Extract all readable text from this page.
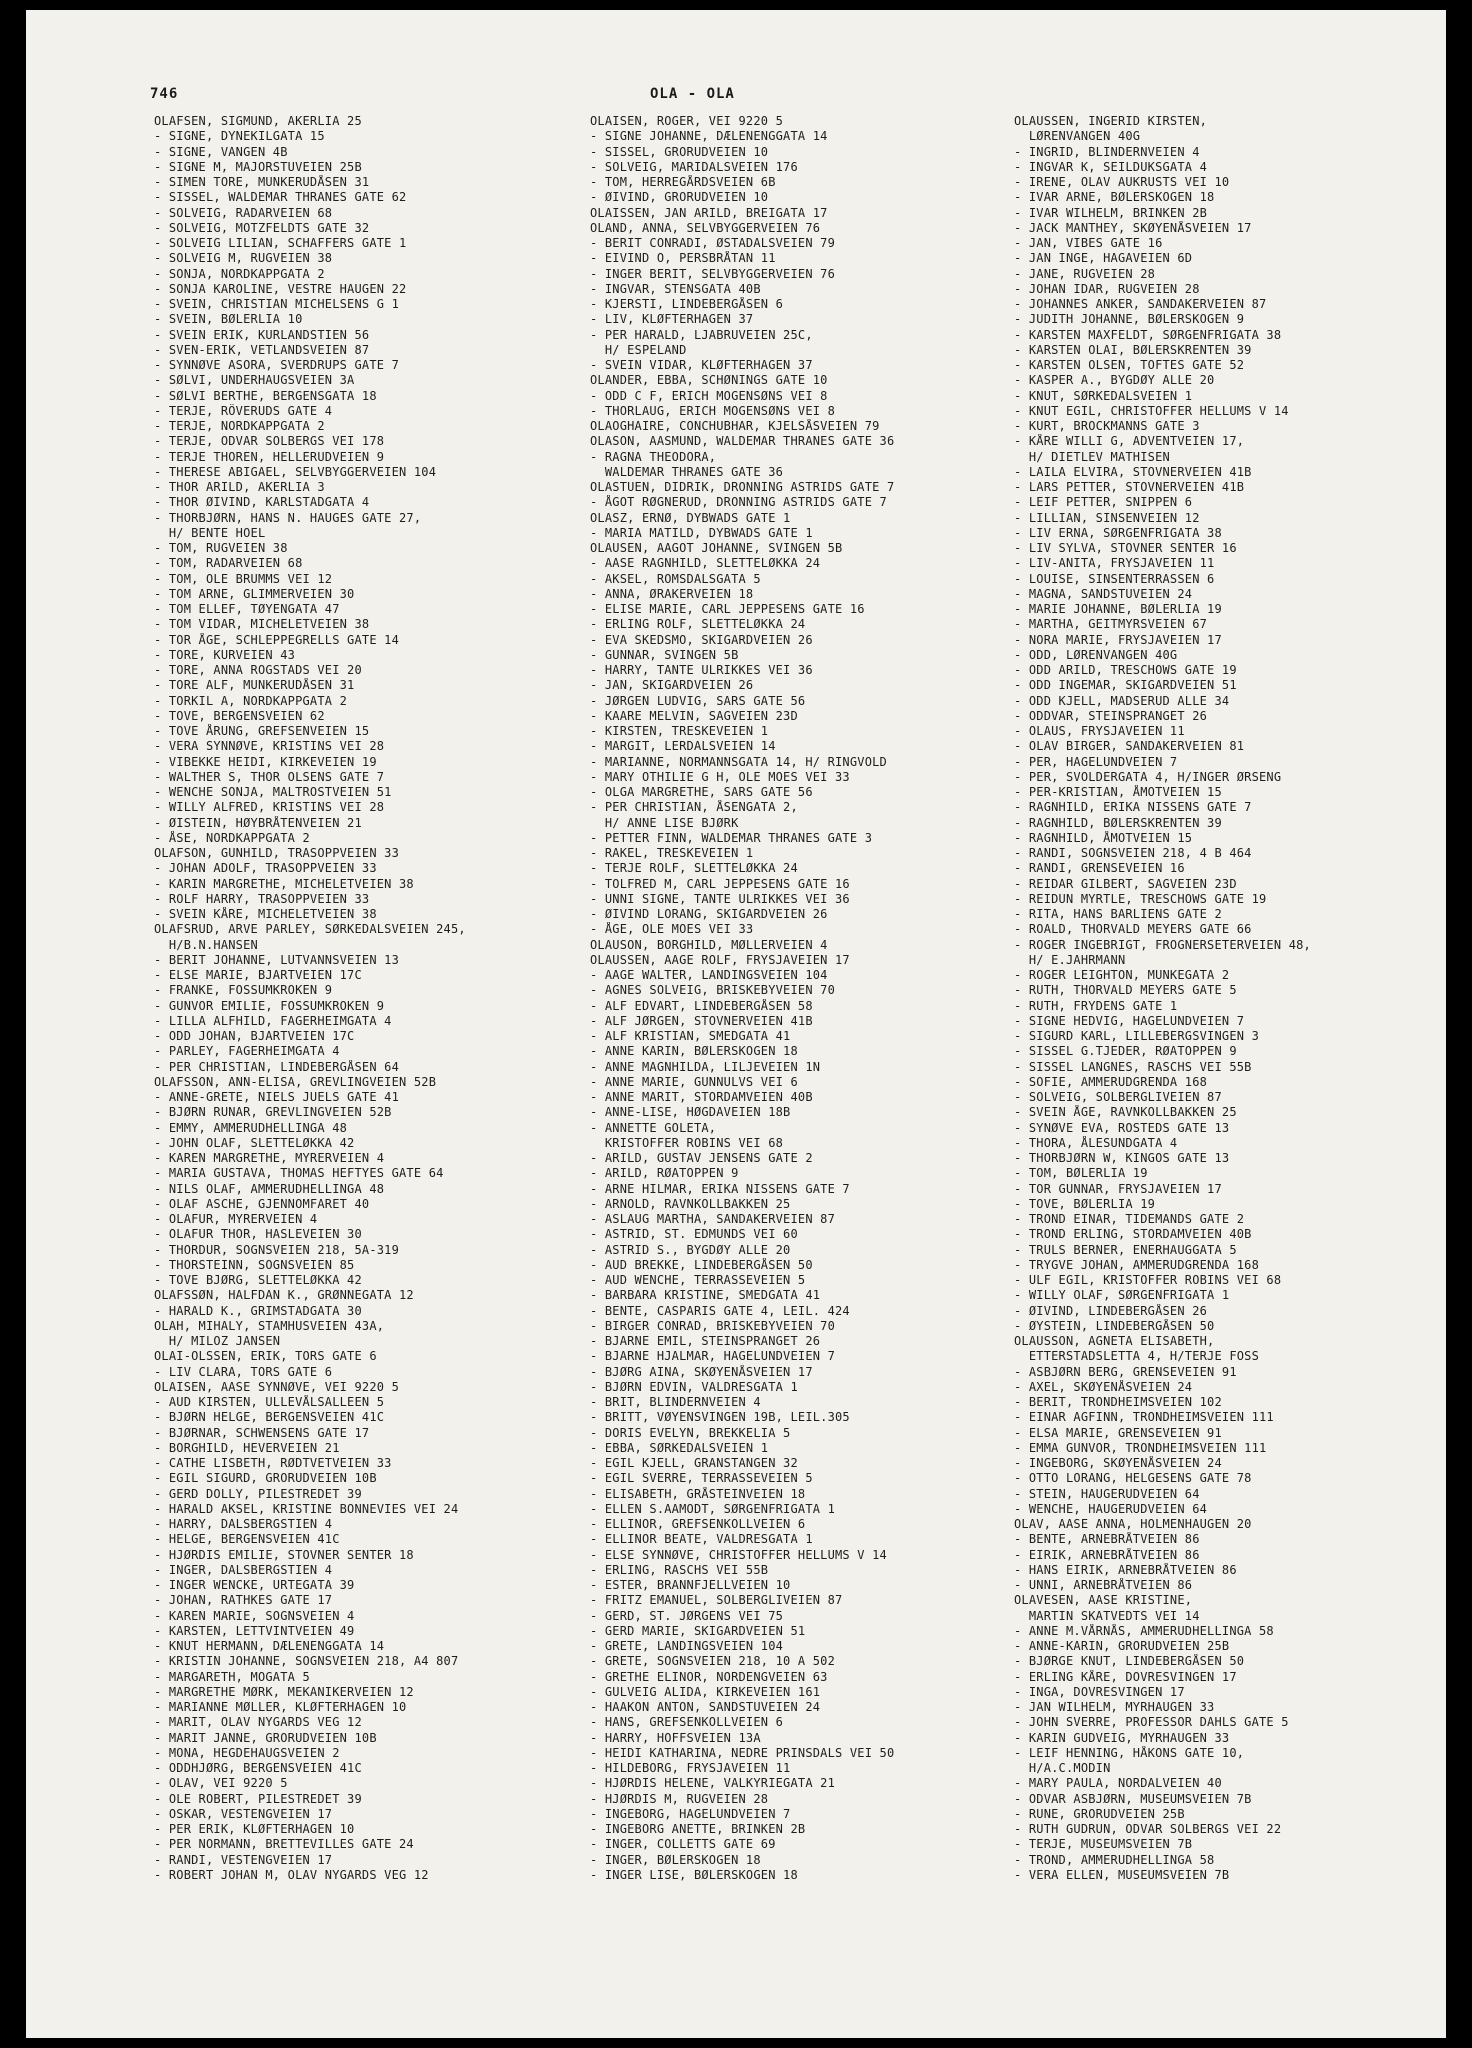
746	OLA - OLA
OLAFSEN, SIGMUND, AKERLIA 25
- SIGNE, DYNEKILGATA 15
- SIGNE, VANGEN 4B
- SIGNE M, MAJORSTUVEIEN 25B
- SIMEN TORE, MUNKERUDÅSEN 31
- SISSEL, WALDEMAR THRANES GATE 62
- SOLVEIG, RADARVEIEN 68
- SOLVEIG, MOTZFELDTS GATE 32
- SOLVEIG LILIAN, SCHAFFERS GATE 1
- SOLVEIG M, RUGVEIEN 38
- SONJA, NORDKAPPGATA 2
- SONJA KAROLINE, VESTRE HAUGEN 22
- SVEIN, CHRISTIAN MICHELSENS G 1
- SVEIN, BØLERLIA 10
- SVEIN ERIK, KURLANDSTIEN 56
- SVEN-ERIK, VETLANDSVEIEN 87
- SYNNØVE ASORA, SVERDRUPS GATE 7
- SØLVI, UNDERHAUGSVEIEN 3A
- SØLVI BERTHE, BERGENSGATA 18
- TERJE, RÖVERUDS GATE 4
- TERJE, NORDKAPPGATA 2
- TERJE, ODVAR SOLBERGS VEI 178
- TERJE THOREN, HELLERUDVEIEN 9
- THERESE ABIGAEL, SELVBYGGERVEIEN 104
- THOR ARILD, AKERLIA 3
- THOR ØIVIND, KARLSTADGATA 4
- THORBJØRN, HANS N. HAUGES GATE 27,
H/ BENTE HOEL
- TOM, RUGVEIEN 38
- TOM, RADARVEIEN 68
- TOM, OLE BRUMMS VEI 12
- TOM ARNE, GLIMMERVEIEN 30
- TOM ELLEF, TØYENGATA 47
- TOM VIDAR, MICHELETVEIEN 38
- TOR ÅGE, SCHLEPPEGRELLS GATE 14
- TORE, KURVEIEN 43
- TORE, ANNA ROGSTADS VEI 20
- TORE ALF, MUNKERUDÅSEN 31
- TORKIL A, NORDKAPPGATA 2
- TOVE, BERGENSVEIEN 62
- TOVE ÅRUNG, GREFSENVEIEN 15
- VERA SYNNØVE, KRISTINS VEI 28
- VIBEKKE HEIDI, KIRKEVEIEN 19
- WALTHER S, THOR OLSENS GATE 7
- WENCHE SONJA, MALTROSTVEIEN 51
- WILLY ALFRED, KRISTINS VEI 28
- ØISTEIN, HØYBRÅTENVEIEN 21
- ÅSE, NORDKAPPGATA 2
OLAFSON, GUNHILD, TRASOPPVEIEN 33
- JOHAN ADOLF, TRASOPPVEIEN 33
- KARIN MARGRETHE, MICHELETVEIEN 38
- ROLF HARRY, TRASOPPVEIEN 33
- SVEIN KÅRE, MICHELETVEIEN 38
OLAFSRUD, ARVE PARLEY, SØRKEDALSVEIEN 245,
H/B.N.HANSEN
- BERIT JOHANNE, LUTVANNSVEIEN 13
- ELSE MARIE, BJARTVEIEN 17C
- FRANKE, FOSSUMKROKEN 9
- GUNVOR EMILIE, FOSSUMKROKEN 9
- LILLA ALFHILD, FAGERHEIMGATA 4
- ODD JOHAN, BJARTVEIEN 17C
- PARLEY, FAGERHEIMGATA 4
- PER CHRISTIAN, LINDEBERGÅSEN 64
OLAFSSON, ANN-ELISA, GREVLINGVEIEN 52B
- ANNE-GRETE, NIELS JUELS GATE 41
- BJØRN RUNAR, GREVLINGVEIEN 52B
- EMMY, AMMERUDHELLINGA 48
- JOHN OLAF, SLETTELØKKA 42
- KAREN MARGRETHE, MYRERVEIEN 4
- MARIA GUSTAVA, THOMAS HEFTYES GATE 64
- NILS OLAF, AMMERUDHELLINGA 48
- OLAF ASCHE, GJENNOMFARET 40
- OLAFUR, MYRERVEIEN 4
- OLAFUR THOR, HASLEVEIEN 30
- THORDUR, SOGNSVEIEN 218, 5A-319
- THORSTEINN, SOGNSVEIEN 85
- TOVE BJØRG, SLETTELØKKA 42
OLAFSSØN, HALFDAN K., GRØNNEGATA 12
- HARALD K., GRIMSTADGATA 30
OLAH, MIHALY, STAMHUSVEIEN 43A,
H/ MILOZ JANSEN
OLAI-OLSSEN, ERIK, TORS GATE 6
- LIV CLARA, TORS GATE 6
OLAISEN, AASE SYNNØVE, VEI 9220 5
- AUD KIRSTEN, ULLEVÅLSALLEEN 5
- BJØRN HELGE, BERGENSVEIEN 41C
- BJØRNAR, SCHWENSENS GATE 17
- BORGHILD, HEVERVEIEN 21
- CATHE LISBETH, RØDTVETVEIEN 33
- EGIL SIGURD, GRORUDVEIEN 10B
- GERD DOLLY, PILESTREDET 39
- HARALD AKSEL, KRISTINE BONNEVIES VEI 24
- HARRY, DALSBERGSTIEN 4
- HELGE, BERGENSVEIEN 41C
- HJØRDIS EMILIE, STOVNER SENTER 18
- INGER, DALSBERGSTIEN 4
- INGER WENCKE, URTEGATA 39
- JOHAN, RATHKES GATE 17
- KAREN MARIE, SOGNSVEIEN 4
- KARSTEN, LETTVINTVEIEN 49
- KNUT HERMANN, DÆLENENGGATA 14
- KRISTIN JOHANNE, SOGNSVEIEN 218, A4 807
- MARGARETH, MOGATA 5
- MARGRETHE MØRK, MEKANIKERVEIEN 12
- MARIANNE MØLLER, KLØFTERHAGEN 10
- MARIT, OLAV NYGARDS VEG 12
- MARIT JANNE, GRORUDVEIEN 10B
- MONA, HEGDEHAUGSVEIEN 2
- ODDHJØRG, BERGENSVEIEN 41C
- OLAV, VEI 9220 5
- OLE ROBERT, PILESTREDET 39
- OSKAR, VESTENGVEIEN 17
- PER ERIK, KLØFTERHAGEN 10
- PER NORMANN, BRETTEVILLES GATE 24
- RANDI, VESTENGVEIEN 17
- ROBERT JOHAN M, OLAV NYGARDS VEG 12
OLAISEN, ROGER, VEI 9220 5
- SIGNE JOHANNE, DÆLENENGGATA 14
- SISSEL, GRORUDVEIEN 10
- SOLVEIG, MARIDALSVEIEN 176
- TOM, HERREGÅRDSVEIEN 6B
- ØIVIND, GRORUDVEIEN 10
OLAISSEN, JAN ARILD, BREIGATA 17
OLAND, ANNA, SELVBYGGERVEIEN 76
- BERIT CONRADI, ØSTADALSVEIEN 79
- EIVIND O, PERSBRÅTAN 11
- INGER BERIT, SELVBYGGERVEIEN 76
- INGVAR, STENSGATA 40B
- KJERSTI, LINDEBERGÅSEN 6
- LIV, KLØFTERHAGEN 37
- PER HARALD, LJABRUVEIEN 25C,
H/ ESPELAND
- SVEIN VIDAR, KLØFTERHAGEN 37
OLANDER, EBBA, SCHØNINGS GATE 10
- ODD C F, ERICH MOGENSØNS VEI 8
- THORLAUG, ERICH MOGENSØNS VEI 8
OLAOGHAIRE, CONCHUBHAR, KJELSÅSVEIEN 79
OLASON, AASMUND, WALDEMAR THRANES GATE 36
- RAGNA THEODORA,
WALDEMAR THRANES GATE 36
OLASTUEN, DIDRIK, DRONNING ASTRIDS GATE 7
- ÅGOT RØGNERUD, DRONNING ASTRIDS GATE 7
OLASZ, ERNØ, DYBWADS GATE 1
- MARIA MATILD, DYBWADS GATE 1
OLAUSEN, AAGOT JOHANNE, SVINGEN 5B
- AASE RAGNHILD, SLETTELØKKA 24
- AKSEL, ROMSDALSGATA 5
- ANNA, ØRAKERVEIEN 18
- ELISE MARIE, CARL JEPPESENS GATE 16
- ERLING ROLF, SLETTELØKKA 24
- EVA SKEDSMO, SKIGARDVEIEN 26
- GUNNAR, SVINGEN 5B
- HARRY, TANTE ULRIKKES VEI 36
- JAN, SKIGARDVEIEN 26
- JØRGEN LUDVIG, SARS GATE 56
- KAARE MELVIN, SAGVEIEN 23D
- KIRSTEN, TRESKEVEIEN 1
- MARGIT, LERDALSVEIEN 14
- MARIANNE, NORMANNSGATA 14, H/ RINGVOLD
- MARY OTHILIE G H, OLE MOES VEI 33
- OLGA MARGRETHE, SARS GATE 56
- PER CHRISTIAN, ÅSENGATA 2,
H/ ANNE LISE BJØRK
- PETTER FINN, WALDEMAR THRANES GATE 3
- RAKEL, TRESKEVEIEN 1
- TERJE ROLF, SLETTELØKKA 24
- TOLFRED M, CARL JEPPESENS GATE 16
- UNNI SIGNE, TANTE ULRIKKES VEI 36
- ØIVIND LORANG, SKIGARDVEIEN 26
- ÅGE, OLE MOES VEI 33
OLAUSON, BORGHILD, MØLLERVEIEN 4
OLAUSSEN, AAGE ROLF, FRYSJAVEIEN 17
- AAGE WALTER, LANDINGSVEIEN 104
- AGNES SOLVEIG, BRISKEBYVEIEN 70
- ALF EDVART, LINDEBERGÅSEN 58
- ALF JØRGEN, STOVNERVEIEN 41B
- ALF KRISTIAN, SMEDGATA 41
- ANNE KARIN, BØLERSKOGEN 18
- ANNE MAGNHILDA, LILJEVEIEN 1N
- ANNE MARIE, GUNNULVS VEI 6
- ANNE MARIT, STORDAMVEIEN 40B
- ANNE-LISE, HØGDAVEIEN 18B
- ANNETTE GOLETA,
KRISTOFFER ROBINS VEI 68
- ARILD, GUSTAV JENSENS GATE 2
- ARILD, RØATOPPEN 9
- ARNE HILMAR, ERIKA NISSENS GATE 7
- ARNOLD, RAVNKOLLBAKKEN 25
- ASLAUG MARTHA, SANDAKERVEIEN 87
- ASTRID, ST. EDMUNDS VEI 60
- ASTRID S., BYGDØY ALLE 20
- AUD BREKKE, LINDEBERGÅSEN 50
- AUD WENCHE, TERRASSEVEIEN 5
- BARBARA KRISTINE, SMEDGATA 41
- BENTE, CASPARIS GATE 4, LEIL. 424
- BIRGER CONRAD, BRISKEBYVEIEN 70
- BJARNE EMIL, STEINSPRANGET 26
- BJARNE HJALMAR, HAGELUNDVEIEN 7
- BJØRG AINA, SKØYENÅSVEIEN 17
- BJØRN EDVIN, VALDRESGATA 1
- BRIT, BLINDERNVEIEN 4
- BRITT, VØYENSVINGEN 19B, LEIL.305
- DORIS EVELYN, BREKKELIA 5
- EBBA, SØRKEDALSVEIEN 1
- EGIL KJELL, GRANSTANGEN 32
- EGIL SVERRE, TERRASSEVEIEN 5
- ELISABETH, GRÅSTEINVEIEN 18
- ELLEN S.AAMODT, SØRGENFRIGATA 1
- ELLINOR, GREFSENKOLLVEIEN 6
- ELLINOR BEATE, VALDRESGATA 1
- ELSE SYNNØVE, CHRISTOFFER HELLUMS V 14
- ERLING, RASCHS VEI 55B
- ESTER, BRANNFJELLVEIEN 10
- FRITZ EMANUEL, SOLBERGLIVEIEN 87
- GERD, ST. JØRGENS VEI 75
- GERD MARIE, SKIGARDVEIEN 51
- GRETE, LANDINGSVEIEN 104
- GRETE, SOGNSVEIEN 218, 10 A 502
- GRETHE ELINOR, NORDENGVEIEN 63
- GULVEIG ALIDA, KIRKEVEIEN 161
- HAAKON ANTON, SANDSTUVEIEN 24
- HANS, GREFSENKOLLVEIEN 6
- HARRY, HOFFSVEIEN 13A
- HEIDI KATHARINA, NEDRE PRINSDALS VEI 50
- HILDEBORG, FRYSJAVEIEN 11
- HJØRDIS HELENE, VALKYRIEGATA 21
- HJØRDIS M, RUGVEIEN 28
- INGEBORG, HAGELUNDVEIEN 7
- INGEBORG ANETTE, BRINKEN 2B
- INGER, COLLETTS GATE 69
- INGER, BØLERSKOGEN 18
- INGER LISE, BØLERSKOGEN 18
OLAUSSEN, INGERID KIRSTEN,
LØRENVANGEN 40G
- INGRID, BLINDERNVEIEN 4
- INGVAR K, SEILDUKSGATA 4
- IRENE, OLAV AUKRUSTS VEI 10
- IVAR ARNE, BØLERSKOGEN 18
- IVAR WILHELM, BRINKEN 2B
- JACK MANTHEY, SKØYENÅSVEIEN 17
- JAN, VIBES GATE 16
- JAN INGE, HAGAVEIEN 6D
- JANE, RUGVEIEN 28
- JOHAN IDAR, RUGVEIEN 28
- JOHANNES ANKER, SANDAKERVEIEN 87
- JUDITH JOHANNE, BØLERSKOGEN 9
- KARSTEN MAXFELDT, SØRGENFRIGATA 38
- KARSTEN OLAI, BØLERSKRENTEN 39
- KARSTEN OLSEN, TOFTES GATE 52
- KASPER A., BYGDØY ALLE 20
- KNUT, SØRKEDALSVEIEN 1
- KNUT EGIL, CHRISTOFFER HELLUMS V 14
- KURT, BROCKMANNS GATE 3
- KÅRE WILLI G, ADVENTVEIEN 17,
H/ DIETLEV MATHISEN
- LAILA ELVIRA, STOVNERVEIEN 41B
- LARS PETTER, STOVNERVEIEN 41B
- LEIF PETTER, SNIPPEN 6
- LILLIAN, SINSENVEIEN 12
- LIV ERNA, SØRGENFRIGATA 38
- LIV SYLVA, STOVNER SENTER 16
- LIV-ANITA, FRYSJAVEIEN 11
- LOUISE, SINSENTERRASSEN 6
- MAGNA, SANDSTUVEIEN 24
- MARIE JOHANNE, BØLERLIA 19
- MARTHA, GEITMYRSVEIEN 67
- NORA MARIE, FRYSJAVEIEN 17
- ODD, LØRENVANGEN 40G
- ODD ARILD, TRESCHOWS GATE 19
- ODD INGEMAR, SKIGARDVEIEN 51
- ODD KJELL, MADSERUD ALLE 34
- ODDVAR, STEINSPRANGET 26
- OLAUS, FRYSJAVEIEN 11
- OLAV BIRGER, SANDAKERVEIEN 81
- PER, HAGELUNDVEIEN 7
- PER, SVOLDERGATA 4, H/INGER ØRSENG
- PER-KRISTIAN, ÅMOTVEIEN 15
- RAGNHILD, ERIKA NISSENS GATE 7
- RAGNHILD, BØLERSKRENTEN 39
- RAGNHILD, ÅMOTVEIEN 15
- RANDI, SOGNSVEIEN 218, 4 B 464
- RANDI, GRENSEVEIEN 16
- REIDAR GILBERT, SAGVEIEN 23D
- REIDUN MYRTLE, TRESCHOWS GATE 19
- RITA, HANS BARLIENS GATE 2
- ROALD, THORVALD MEYERS GATE 66
- ROGER INGEBRIGT, FROGNERSETERVEIEN 48,
H/ E.JAHRMANN
- ROGER LEIGHTON, MUNKEGATA 2
- RUTH, THORVALD MEYERS GATE 5
- RUTH, FRYDENS GATE 1
- SIGNE HEDVIG, HAGELUNDVEIEN 7
- SIGURD KARL, LILLEBERGSVINGEN 3
- SISSEL G.TJEDER, RØATOPPEN 9
- SISSEL LANGNES, RASCHS VEI 55B
- SOFIE, AMMERUDGRENDA 168
- SOLVEIG, SOLBERGLIVEIEN 87
- SVEIN ÅGE, RAVNKOLLBAKKEN 25
- SYNØVE EVA, ROSTEDS GATE 13
- THORA, ÅLESUNDGATA 4
- THORBJØRN W, KINGOS GATE 13
- TOM, BØLERLIA 19
- TOR GUNNAR, FRYSJAVEIEN 17
- TOVE, BØLERLIA 19
- TROND EINAR, TIDEMANDS GATE 2
- TROND ERLING, STORDAMVEIEN 40B
- TRULS BERNER, ENERHAUGGATA 5
- TRYGVE JOHAN, AMMERUDGRENDA 168
- ULF EGIL, KRISTOFFER ROBINS VEI 68
- WILLY OLAF, SØRGENFRIGATA 1
- ØIVIND, LINDEBERGÅSEN 26
- ØYSTEIN, LINDEBERGÅSEN 50
OLAUSSON, AGNETA ELISABETH,
ETTERSTADSLETTA 4, H/TERJE FOSS
- ASBJØRN BERG, GRENSEVEIEN 91
- AXEL, SKØYENÅSVEIEN 24
- BERIT, TRONDHEIMSVEIEN 102
- EINAR AGFINN, TRONDHEIMSVEIEN 111
- ELSA MARIE, GRENSEVEIEN 91
- EMMA GUNVOR, TRONDHEIMSVEIEN 111
- INGEBORG, SKØYENÅSVEIEN 24
- OTTO LORANG, HELGESENS GATE 78
- STEIN, HAUGERUDVEIEN 64
- WENCHE, HAUGERUDVEIEN 64
OLAV, AASE ANNA, HOLMENHAUGEN 20
- BENTE, ARNEBRÅTVEIEN 86
- EIRIK, ARNEBRÅTVEIEN 86
- HANS EIRIK, ARNEBRÅTVEIEN 86
- UNNI, ARNEBRÅTVEIEN 86
OLAVESEN, AASE KRISTINE,
MARTIN SKATVEDTS VEI 14
- ANNE M.VÅRNÅS, AMMERUDHELLINGA 58
- ANNE-KARIN, GRORUDVEIEN 25B
- BJØRGE KNUT, LINDEBERGÅSEN 50
- ERLING KÅRE, DOVRESVINGEN 17
- INGA, DOVRESVINGEN 17
- JAN WILHELM, MYRHAUGEN 33
- JOHN SVERRE, PROFESSOR DAHLS GATE 5
- KARIN GUDVEIG, MYRHAUGEN 33
- LEIF HENNING, HÅKONS GATE 10,
H/A.C.MODIN
- MARY PAULA, NORDALVEIEN 40
- ODVAR ASBJØRN, MUSEUMSVEIEN 7B
- RUNE, GRORUDVEIEN 25B
- RUTH GUDRUN, ODVAR SOLBERGS VEI 22
- TERJE, MUSEUMSVEIEN 7B
- TROND, AMMERUDHELLINGA 58
- VERA ELLEN, MUSEUMSVEIEN 7B
